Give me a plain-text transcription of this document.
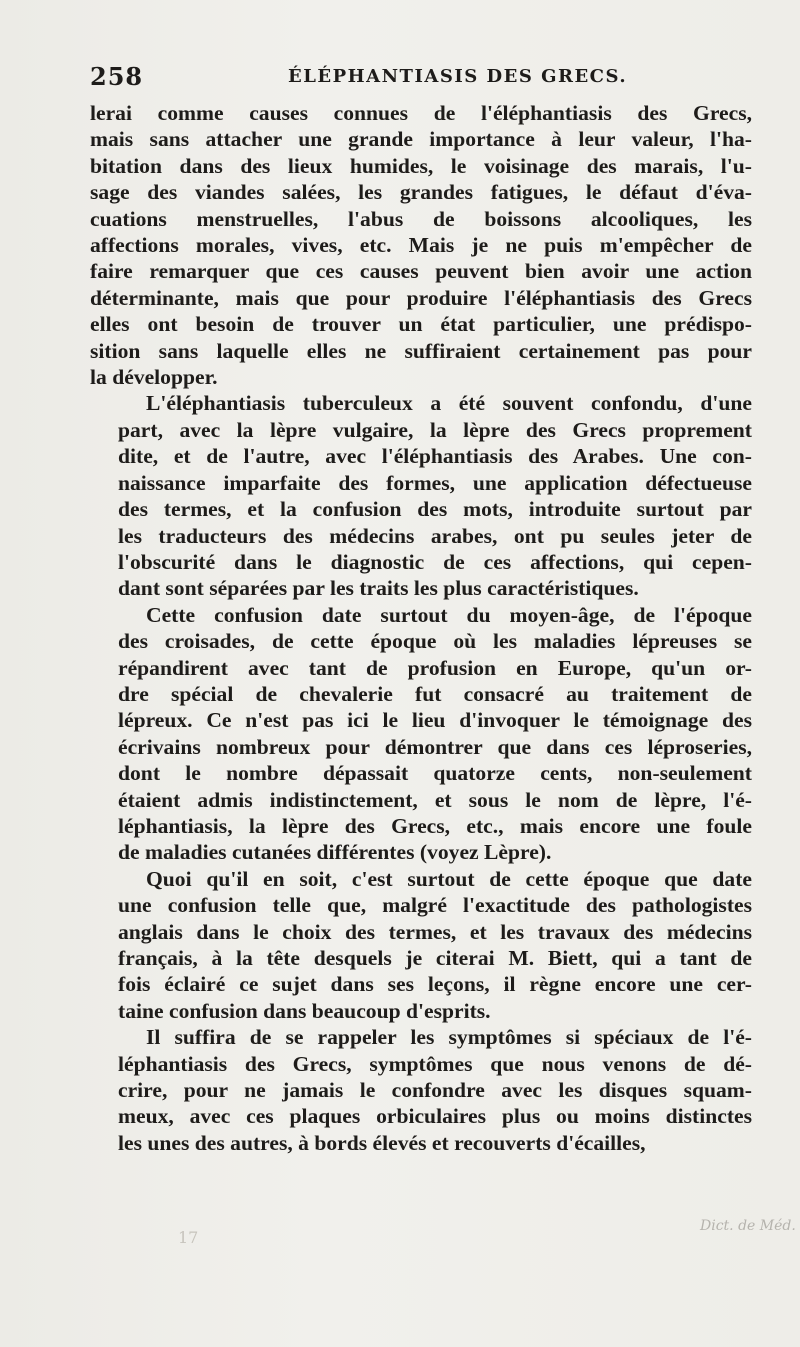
258	ÉLÉPHANTIASIS DES GRECS.
lerai comme causes connues de l'éléphantiasis des Grecs,
mais sans attacher une grande importance à leur valeur, l'ha-
bitation dans des lieux humides, le voisinage des marais, l'u-
sage des viandes salées, les grandes fatigues, le défaut d'éva-
cuations menstruelles, l'abus de boissons alcooliques, les
affections morales, vives, etc. Mais je ne puis m'empêcher de
faire remarquer que ces causes peuvent bien avoir une action
déterminante, mais que pour produire l'éléphantiasis des Grecs
elles ont besoin de trouver un état particulier, une prédispo-
sition sans laquelle elles ne suffiraient certainement pas pour
la développer.
L'éléphantiasis tuberculeux a été souvent confondu, d'une
part, avec la lèpre vulgaire, la lèpre des Grecs proprement
dite, et de l'autre, avec l'éléphantiasis des Arabes. Une con-
naissance imparfaite des formes, une application défectueuse
des termes, et la confusion des mots, introduite surtout par
les traducteurs des médecins arabes, ont pu seules jeter de
l'obscurité dans le diagnostic de ces affections, qui cepen-
dant sont séparées par les traits les plus caractéristiques.
Cette confusion date surtout du moyen-âge, de l'époque
des croisades, de cette époque où les maladies lépreuses se
répandirent avec tant de profusion en Europe, qu'un or-
dre spécial de chevalerie fut consacré au traitement de
lépreux. Ce n'est pas ici le lieu d'invoquer le témoignage des
écrivains nombreux pour démontrer que dans ces léproseries,
dont le nombre dépassait quatorze cents, non-seulement
étaient admis indistinctement, et sous le nom de lèpre, l'é-
léphantiasis, la lèpre des Grecs, etc., mais encore une foule
de maladies cutanées différentes (voyez Lèpre).
Quoi qu'il en soit, c'est surtout de cette époque que date
une confusion telle que, malgré l'exactitude des pathologistes
anglais dans le choix des termes, et les travaux des médecins
français, à la tête desquels je citerai M. Biett, qui a tant de
fois éclairé ce sujet dans ses leçons, il règne encore une cer-
taine confusion dans beaucoup d'esprits.
Il suffira de se rappeler les symptômes si spéciaux de l'é-
léphantiasis des Grecs, symptômes que nous venons de dé-
crire, pour ne jamais le confondre avec les disques squam-
meux, avec ces plaques orbiculaires plus ou moins distinctes
les unes des autres, à bords élevés et recouverts d'écailles,
17
Dict. de Méd.
